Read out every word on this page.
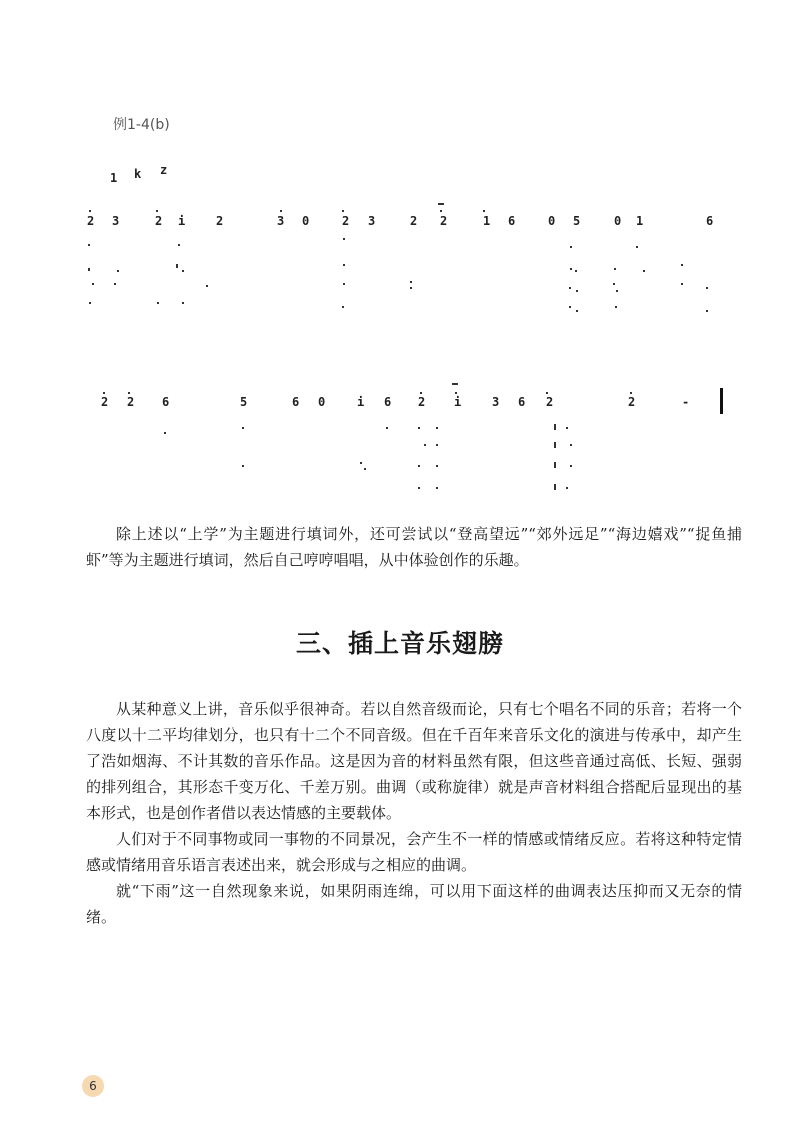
例1-4(b)
1 k z
2 3	2 i	2	3 0	2 3	2 2	1 6	0 5	0 1	6
2 2 6	5	6 0	i 6 2 i	3 6 2	2	-

除上述以“上学”为主题进行填词外，还可尝试以“登高望远”“郊外远足”“海边嬉戏”“捉鱼捕虾”等为主题进行填词，然后自己哼哼唱唱，从中体验创作的乐趣。

三、插上音乐翅膀

从某种意义上讲，音乐似乎很神奇。若以自然音级而论，只有七个唱名不同的乐音；若将一个八度以十二平均律划分，也只有十二个不同音级。但在千百年来音乐文化的演进与传承中，却产生了浩如烟海、不计其数的音乐作品。这是因为音的材料虽然有限，但这些音通过高低、长短、强弱的排列组合，其形态千变万化、千差万别。曲调（或称旋律）就是声音材料组合搭配后显现出的基本形式，也是创作者借以表达情感的主要载体。

人们对于不同事物或同一事物的不同景况，会产生不一样的情感或情绪反应。若将这种特定情感或情绪用音乐语言表述出来，就会形成与之相应的曲调。

就“下雨”这一自然现象来说，如果阴雨连绵，可以用下面这样的曲调表达压抑而又无奈的情绪。

6
